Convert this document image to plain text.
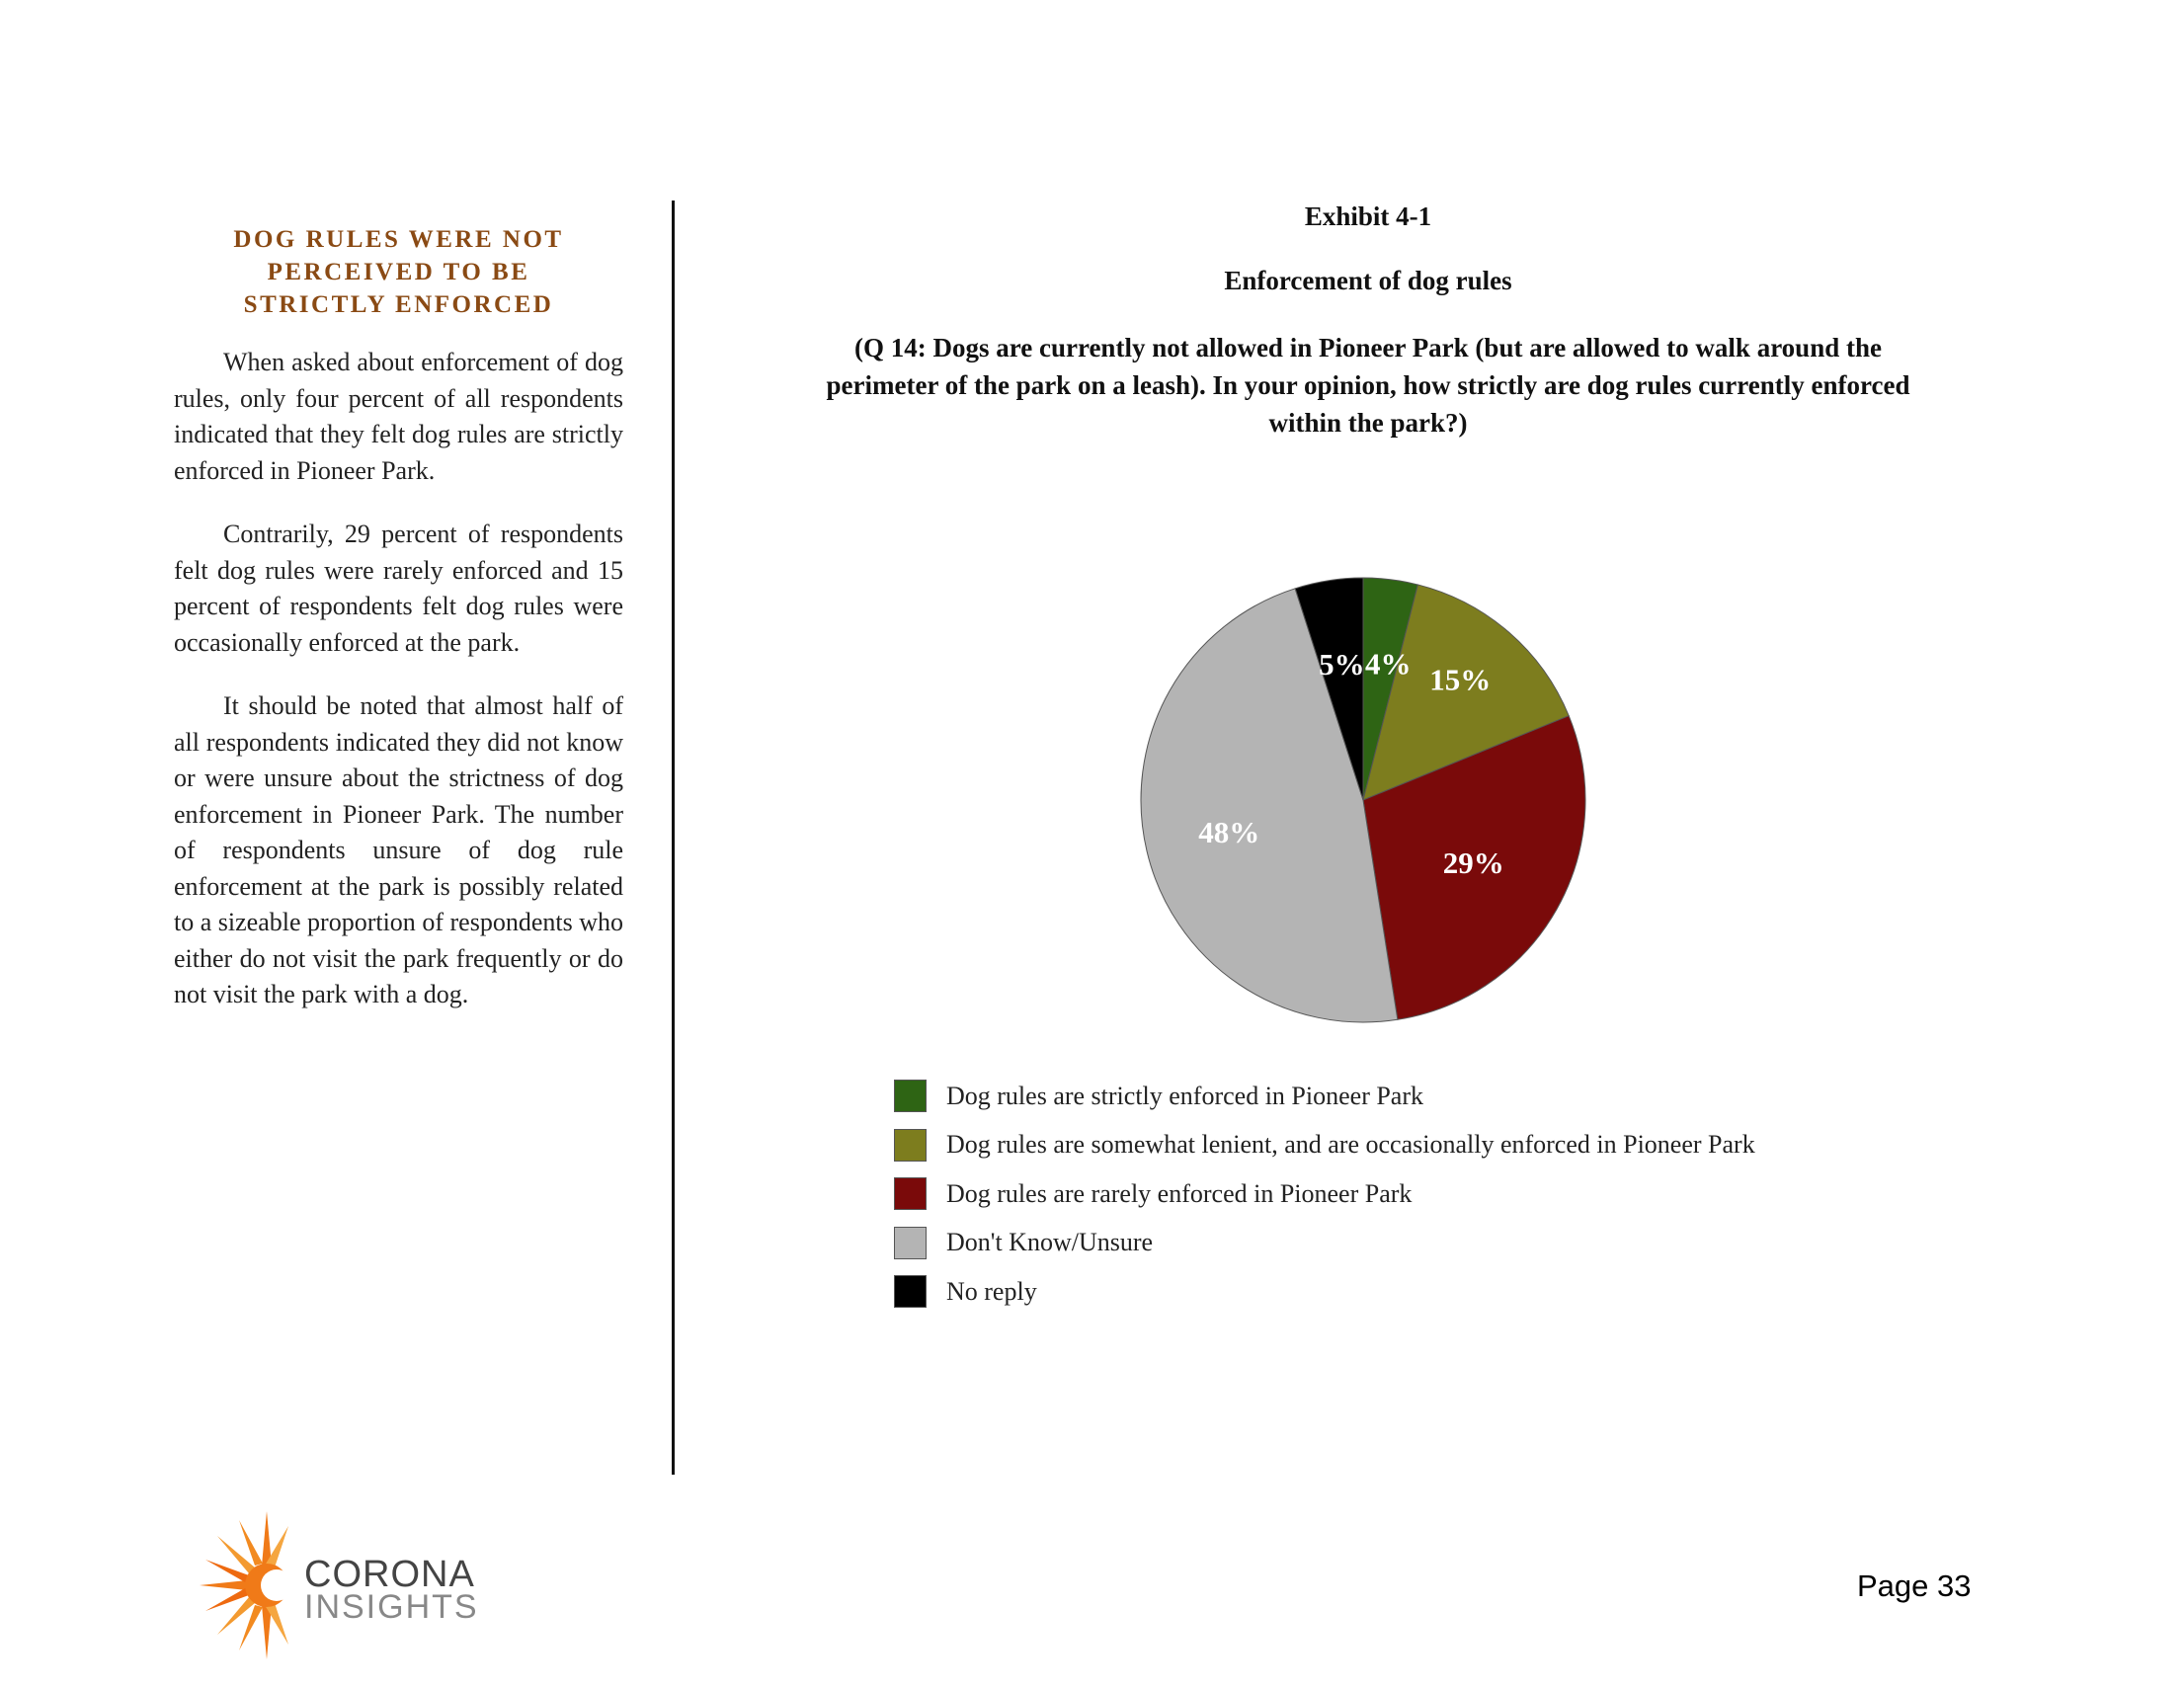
DOG RULES WERE NOT
PERCEIVED TO BE
STRICTLY ENFORCED

When asked about enforcement of dog rules, only four percent of all respondents indicated that they felt dog rules are strictly enforced in Pioneer Park.

Contrarily, 29 percent of respondents felt dog rules were rarely enforced and 15 percent of respondents felt dog rules were occasionally enforced at the park.

It should be noted that almost half of all respondents indicated they did not know or were unsure about the strictness of dog enforcement in Pioneer Park. The number of respondents unsure of dog rule enforcement at the park is possibly related to a sizeable proportion of respondents who either do not visit the park frequently or do not visit the park with a dog.

Exhibit 4-1
Enforcement of dog rules
(Q 14: Dogs are currently not allowed in Pioneer Park (but are allowed to walk around the
perimeter of the park on a leash). In your opinion, how strictly are dog rules currently enforced
within the park?)
4% 15%
29%
48%
5%
Dog rules are strictly enforced in Pioneer Park
Dog rules are somewhat lenient, and are occasionally enforced in Pioneer Park
Dog rules are rarely enforced in Pioneer Park
Don't Know/Unsure
No reply
CORONA
INSIGHTS
Page 33
